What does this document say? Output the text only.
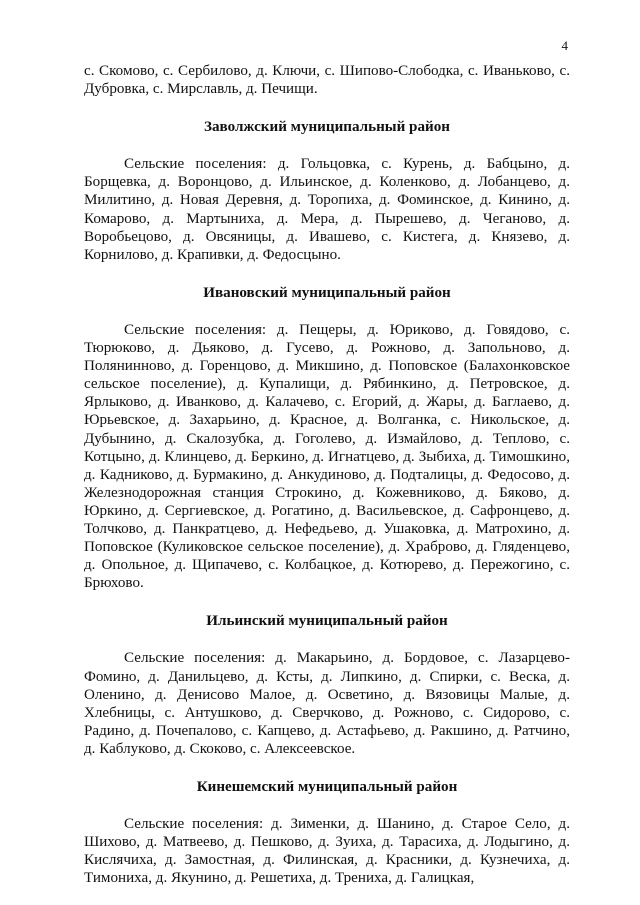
4

с. Скомово, с. Сербилово, д. Ключи, с. Шипово-Слободка, с. Иваньково, с. Дубровка, с. Мирславль, д. Печищи.

Заволжский муниципальный район

Сельские поселения: д. Гольцовка, с. Курень, д. Бабцыно, д. Борщевка, д. Воронцово, д. Ильинское, д. Коленково, д. Лобанцево, д. Милитино, д. Новая Деревня, д. Торопиха, д. Фоминское, д. Кинино, д. Комарово, д. Мартыниха, д. Мера, д. Пырешево, д. Чеганово, д. Воробьецово, д. Овсяницы, д. Ивашево, с. Кистега, д. Князево, д. Корнилово, д. Крапивки, д. Федосцыно.

Ивановский муниципальный район

Сельские поселения: д. Пещеры, д. Юриково, д. Говядово, с. Тюрюково, д. Дьяково, д. Гусево, д. Рожново, д. Запольново, д. Полянинново, д. Горенцово, д. Микшино, д. Поповское (Балахонковское сельское поселение), д. Купалищи, д. Рябинкино, д. Петровское, д. Ярлыково, д. Иванково, д. Калачево, с. Егорий, д. Жары, д. Баглаево, д. Юрьевское, д. Захарьино, д. Красное, д. Волганка, с. Никольское, д. Дубынино, д. Скалозубка, д. Гоголево, д. Измайлово, д. Теплово, с. Котцыно, д. Клинцево, д. Беркино, д. Игнатцево, д. Зыбиха, д. Тимошкино, д. Кадниково, д. Бурмакино, д. Анкудиново, д. Подталицы, д. Федосово, д. Железнодорожная станция Строкино, д. Кожевниково, д. Бяково, д. Юркино, д. Сергиевское, д. Рогатино, д. Васильевское, д. Сафронцево, д. Толчково, д. Панкратцево, д. Нефедьево, д. Ушаковка, д. Матрохино, д. Поповское (Куликовское сельское поселение), д. Храброво, д. Гляденцево, д. Опольное, д. Щипачево, с. Колбацкое, д. Котюрево, д. Пережогино, с. Брюхово.

Ильинский муниципальный район

Сельские поселения: д. Макарьино, д. Бордовое, с. Лазарцево-Фомино, д. Данильцево, д. Ксты, д. Липкино, д. Спирки, с. Веска, д. Оленино, д. Денисово Малое, д. Осветино, д. Вязовицы Малые, д. Хлебницы, с. Антушково, д. Сверчково, д. Рожново, с. Сидорово, с. Радино, д. Почепалово, с. Капцево, д. Астафьево, д. Ракшино, д. Ратчино, д. Каблуково, д. Скоково, с. Алексеевское.

Кинешемский муниципальный район

Сельские поселения: д. Зименки, д. Шанино, д. Старое Село, д. Шихово, д. Матвеево, д. Пешково, д. Зуиха, д. Тарасиха, д. Лодыгино, д. Кислячиха, д. Замостная, д. Филинская, д. Красники, д. Кузнечиха, д. Тимониха, д. Якунино, д. Решетиха, д. Трениха, д. Галицкая,
